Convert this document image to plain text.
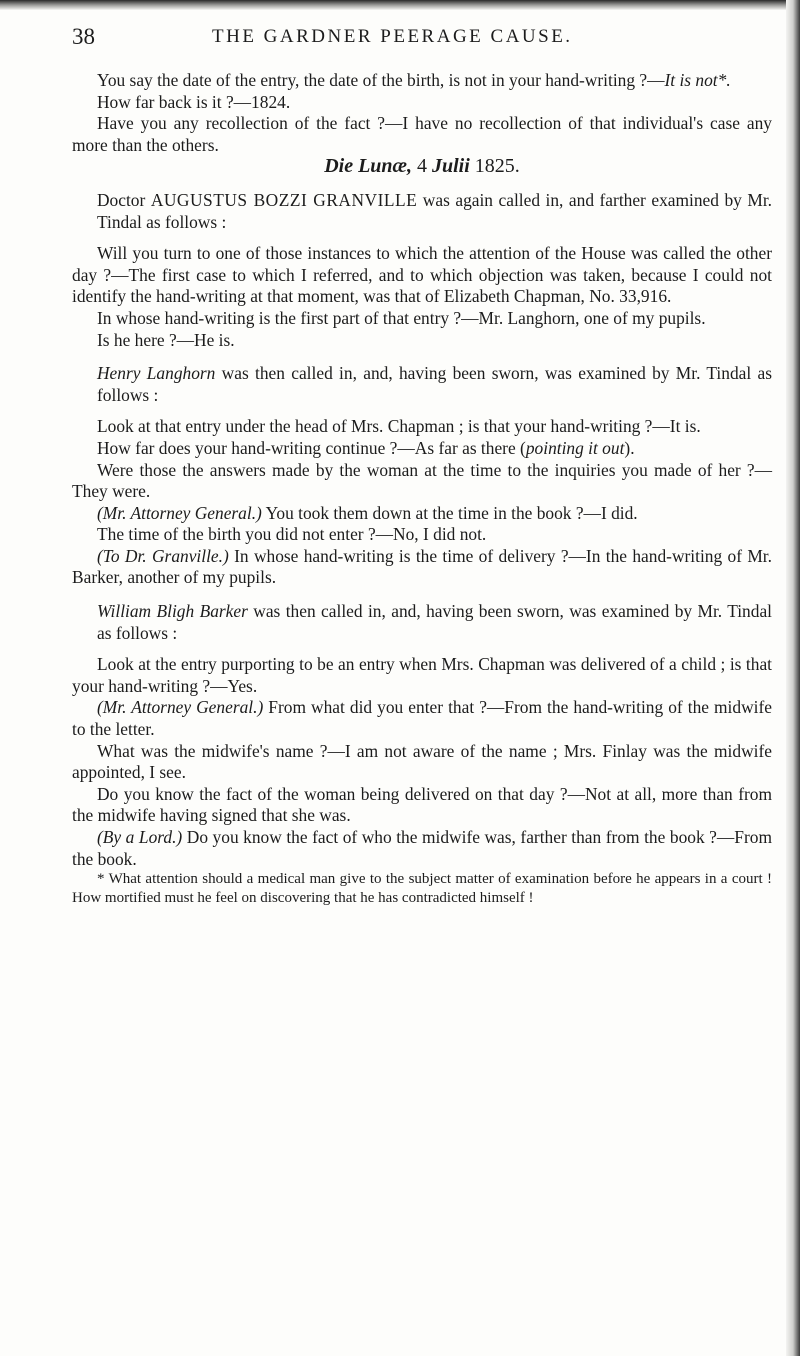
38	THE GARDNER PEERAGE CAUSE.

You say the date of the entry, the date of the birth, is not in your hand-writing ?—It is not*.

How far back is it ?—1824.

Have you any recollection of the fact ?—I have no recollection of that individual's case any more than the others.

Die Lunæ, 4 Julii 1825.

Doctor AUGUSTUS BOZZI GRANVILLE was again called in, and farther examined by Mr. Tindal as follows :

Will you turn to one of those instances to which the attention of the House was called the other day ?—The first case to which I referred, and to which objection was taken, because I could not identify the hand-writing at that moment, was that of Elizabeth Chapman, No. 33,916.

In whose hand-writing is the first part of that entry ?—Mr. Langhorn, one of my pupils.

Is he here ?—He is.

Henry Langhorn was then called in, and, having been sworn, was examined by Mr. Tindal as follows :

Look at that entry under the head of Mrs. Chapman ; is that your hand-writing ?—It is.

How far does your hand-writing continue ?—As far as there (pointing it out).

Were those the answers made by the woman at the time to the inquiries you made of her ?—They were.

(Mr. Attorney General.) You took them down at the time in the book ?—I did.

The time of the birth you did not enter ?—No, I did not.

(To Dr. Granville.) In whose hand-writing is the time of delivery ?—In the hand-writing of Mr. Barker, another of my pupils.

William Bligh Barker was then called in, and, having been sworn, was examined by Mr. Tindal as follows :

Look at the entry purporting to be an entry when Mrs. Chapman was delivered of a child ; is that your hand-writing ?—Yes.

(Mr. Attorney General.) From what did you enter that ?—From the hand-writing of the midwife to the letter.

What was the midwife's name ?—I am not aware of the name ; Mrs. Finlay was the midwife appointed, I see.

Do you know the fact of the woman being delivered on that day ?—Not at all, more than from the midwife having signed that she was.

(By a Lord.) Do you know the fact of who the midwife was, farther than from the book ?—From the book.

* What attention should a medical man give to the subject matter of examination before he appears in a court ! How mortified must he feel on discovering that he has contradicted himself !
